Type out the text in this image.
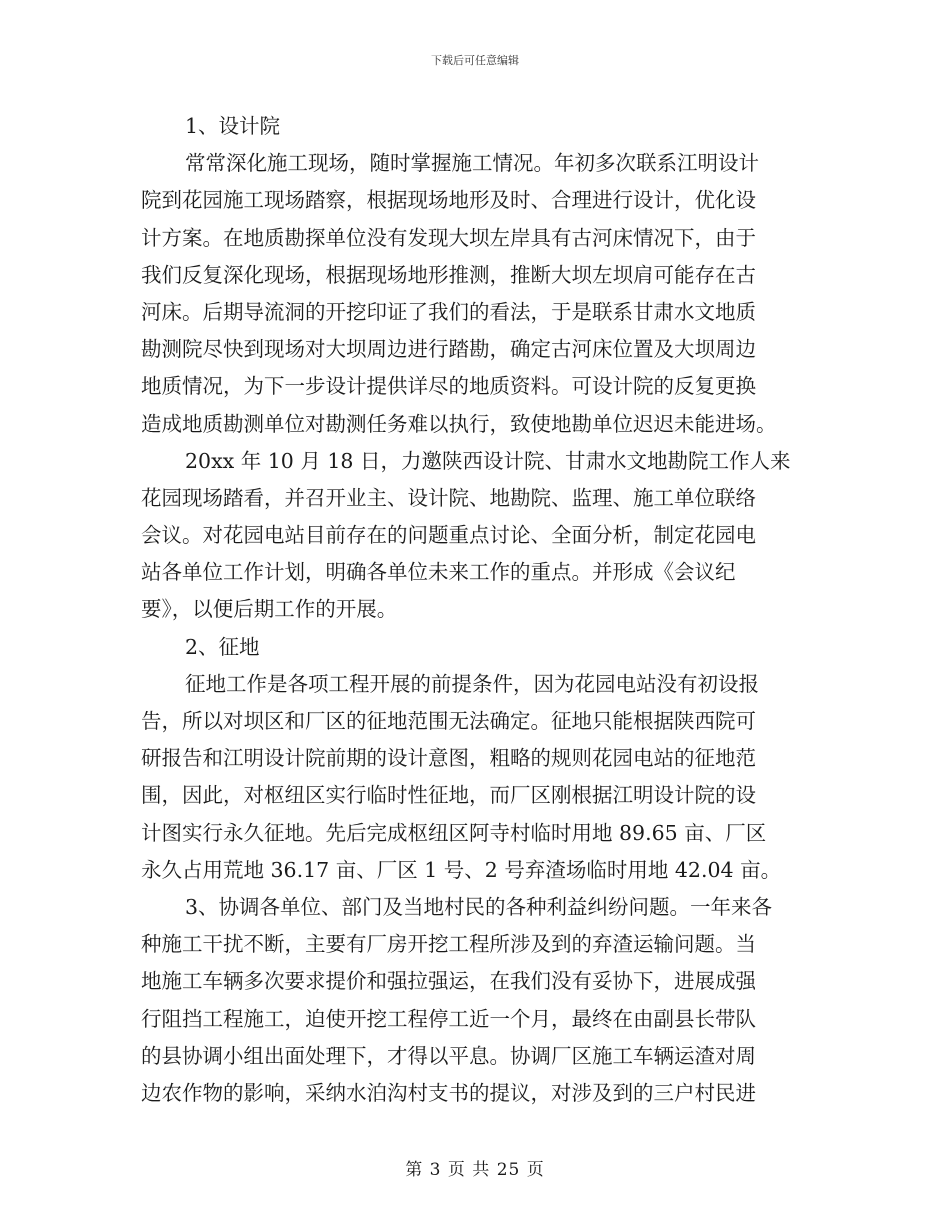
下载后可任意编辑
1、设计院
常常深化施工现场，随时掌握施工情况。年初多次联系江明设计
院到花园施工现场踏察，根据现场地形及时、合理进行设计，优化设
计方案。在地质勘探单位没有发现大坝左岸具有古河床情况下，由于
我们反复深化现场，根据现场地形推测，推断大坝左坝肩可能存在古
河床。后期导流洞的开挖印证了我们的看法，于是联系甘肃水文地质
勘测院尽快到现场对大坝周边进行踏勘，确定古河床位置及大坝周边
地质情况，为下一步设计提供详尽的地质资料。可设计院的反复更换
造成地质勘测单位对勘测任务难以执行，致使地勘单位迟迟未能进场。
20xx 年 10 月 18 日，力邀陕西设计院、甘肃水文地勘院工作人来
花园现场踏看，并召开业主、设计院、地勘院、监理、施工单位联络
会议。对花园电站目前存在的问题重点讨论、全面分析，制定花园电
站各单位工作计划，明确各单位未来工作的重点。并形成《会议纪
要》，以便后期工作的开展。
2、征地
征地工作是各项工程开展的前提条件，因为花园电站没有初设报
告，所以对坝区和厂区的征地范围无法确定。征地只能根据陕西院可
研报告和江明设计院前期的设计意图，粗略的规则花园电站的征地范
围，因此，对枢纽区实行临时性征地，而厂区刚根据江明设计院的设
计图实行永久征地。先后完成枢纽区阿寺村临时用地 89.65 亩、厂区
永久占用荒地 36.17 亩、厂区 1 号、2 号弃渣场临时用地 42.04 亩。
3、协调各单位、部门及当地村民的各种利益纠纷问题。一年来各
种施工干扰不断，主要有厂房开挖工程所涉及到的弃渣运输问题。当
地施工车辆多次要求提价和强拉强运，在我们没有妥协下，进展成强
行阻挡工程施工，迫使开挖工程停工近一个月，最终在由副县长带队
的县协调小组出面处理下，才得以平息。协调厂区施工车辆运渣对周
边农作物的影响，采纳水泊沟村支书的提议，对涉及到的三户村民进
第 3 页 共 25 页
